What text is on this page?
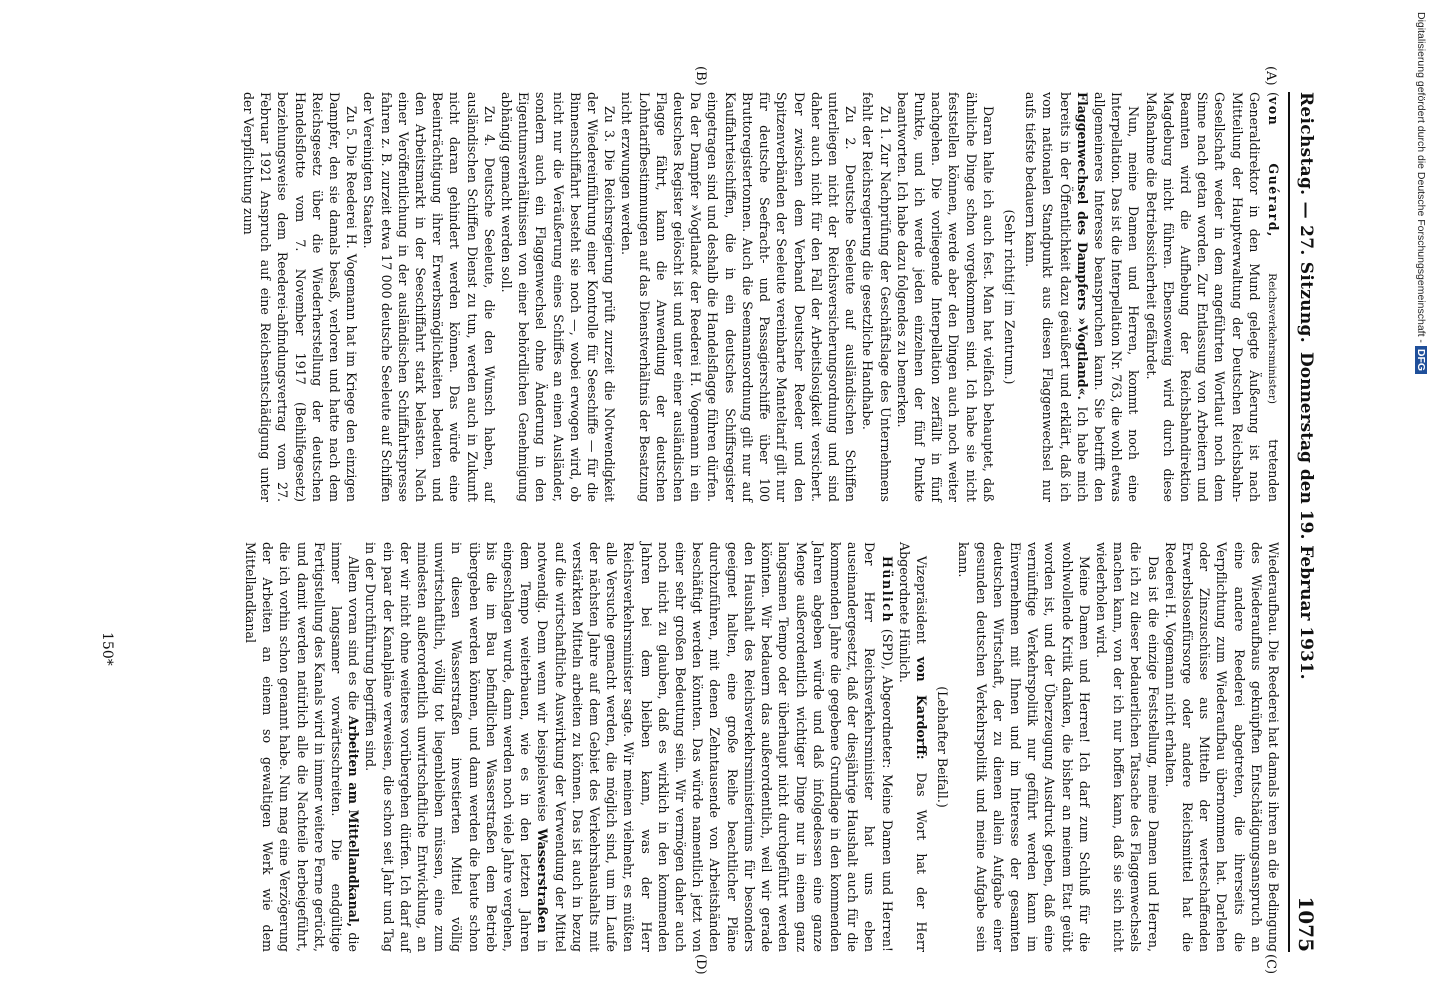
Reichstag. — 27. Sitzung.
Donnerstag den 19. Februar 1931.
1075
(A)
(B)
(C)
(D)

(von Guérard, Reichsverkehrsminister) tretenden Generaldirektor in den Mund gelegte Äußerung ist nach Mitteilung der Hauptverwaltung der Deutschen Reichsbahn-Gesellschaft weder in dem angeführten Wortlaut noch dem Sinne nach getan worden. Zur Entlassung von Arbeitern und Beamten wird die Aufhebung der Reichsbahndirektion Magdeburg nicht führen. Ebensowenig wird durch diese Maßnahme die Betriebssicherheit gefährdet.

Nun, meine Damen und Herren, kommt noch eine Interpellation. Das ist die Interpellation Nr. 763, die wohl etwas allgemeineres Interesse beanspruchen kann. Sie betrifft den Flaggenwechsel des Dampfers »Vogtland«. Ich habe mich bereits in der Öffentlichkeit dazu geäußert und erklärt, daß ich vom nationalen Standpunkt aus diesen Flaggenwechsel nur aufs tiefste bedauern kann.

(Sehr richtig! im Zentrum.)

Daran halte ich auch fest. Man hat vielfach behauptet, daß ähnliche Dinge schon vorgekommen sind. Ich habe sie nicht feststellen können, werde aber den Dingen auch noch weiter nachgehen. Die vorliegende Interpellation zerfällt in fünf Punkte, und ich werde jeden einzelnen der fünf Punkte beantworten. Ich habe dazu folgendes zu bemerken.

Zu 1. Zur Nachprüfung der Geschäftslage des Unternehmens fehlt der Reichsregierung die gesetzliche Handhabe.

Zu 2. Deutsche Seeleute auf ausländischen Schiffen unterliegen nicht der Reichsversicherungsordnung und sind daher auch nicht für den Fall der Arbeitslosigkeit versichert. Der zwischen dem Verband Deutscher Reeder und den Spitzenverbänden der Seeleute vereinbarte Manteltarif gilt nur für deutsche Seefracht- und Passagierschiffe über 100 Bruttoregistertonnen. Auch die Seemannsordnung gilt nur auf Kauffahrteischiffen, die in ein deutsches Schiffsregister eingetragen sind und deshalb die Handelsflagge führen dürfen. Da der Dampfer »Vogtland« der Reederei H. Vogemann in ein deutsches Register gelöscht ist und unter einer ausländischen Flagge fährt, kann die Anwendung der deutschen Lohntarifbestimmungen auf das Dienstverhältnis der Besatzung nicht erzwungen werden.

Zu 3. Die Reichsregierung prüft zurzeit die Notwendigkeit der Wiedereinführung einer Kontrolle für Seeschiffe — für die Binnenschiffahrt besteht sie noch —, wobei erwogen wird, ob nicht nur die Veräußerung eines Schiffes an einen Ausländer, sondern auch ein Flaggenwechsel ohne Änderung in den Eigentumsverhältnissen von einer behördlichen Genehmigung abhängig gemacht werden soll.

Zu 4. Deutsche Seeleute, die den Wunsch haben, auf ausländischen Schiffen Dienst zu tun, werden auch in Zukunft nicht daran gehindert werden können. Das würde eine Beeinträchtigung ihrer Erwerbsmöglichkeiten bedeuten und den Arbeitsmarkt in der Seeschiffahrt stark belasten. Nach einer Veröffentlichung in der ausländischen Schiffahrtspresse fahren z. B. zurzeit etwa 17 000 deutsche Seeleute auf Schiffen der Vereinigten Staaten.

Zu 5. Die Reederei H. Vogemann hat im Kriege den einzigen Dampfer, den sie damals besaß, verloren und hatte nach dem Reichsgesetz über die Wiederherstellung der deutschen Handelsflotte vom 7. November 1917 (Beihilfegesetz) beziehungsweise dem Reederei-abfindungsvertrag vom 27. Februar 1921 Anspruch auf eine Reichsentschädigung unter der Verpflichtung zum

Wiederaufbau. Die Reederei hat damals ihren an die Bedingung des Wiederaufbaus geknüpften Entschädigungsanspruch an eine andere Reederei abgetreten, die ihrerseits die Verpflichtung zum Wiederaufbau übernommen hat. Darlehen oder Zinszuschüsse aus Mitteln der werteschaffenden Erwerbslosenfürsorge oder andere Reichsmittel hat die Reederei H. Vogemann nicht erhalten.

Das ist die einzige Feststellung, meine Damen und Herren, die ich zu dieser bedauerlichen Tatsache des Flaggenwechsels machen kann, von der ich nur hoffen kann, daß sie sich nicht wiederholen wird.

Meine Damen und Herren! Ich darf zum Schluß für die wohlwollende Kritik danken, die bisher an meinem Etat geübt worden ist, und der Überzeugung Ausdruck geben, daß eine vernünftige Verkehrspolitik nur geführt werden kann im Einvernehmen mit Ihnen und im Interesse der gesamten deutschen Wirtschaft, der zu dienen allein Aufgabe einer gesunden deutschen Verkehrspolitik und meine Aufgabe sein kann.

(Lebhafter Beifall.)

Vizepräsident von Kardorff: Das Wort hat der Herr Abgeordnete Hünlich.

Hünlich (SPD), Abgeordneter: Meine Damen und Herren! Der Herr Reichsverkehrsminister hat uns eben auseinandergesetzt, daß der diesjährige Haushalt auch für die kommenden Jahre die gegebene Grundlage in den kommenden Jahren abgeben würde und daß infolgedessen eine ganze Menge außerordentlich wichtiger Dinge nur in einem ganz langsamen Tempo oder überhaupt nicht durchgeführt werden könnten. Wir bedauern das außerordentlich, weil wir gerade den Haushalt des Reichsverkehrsministeriums für besonders geeignet halten, eine große Reihe beachtlicher Pläne durchzuführen, mit denen Zehntausende von Arbeitshänden beschäftigt werden könnten. Das würde namentlich jetzt von einer sehr großen Bedeutung sein. Wir vermögen daher auch noch nicht zu glauben, daß es wirklich in den kommenden Jahren bei dem bleiben kann, was der Herr Reichsverkehrsminister sagte. Wir meinen vielmehr, es müßten alle Versuche gemacht werden, die möglich sind, um im Laufe der nächsten Jahre auf dem Gebiet des Verkehrshaushalts mit verstärkten Mitteln arbeiten zu können. Das ist auch in bezug auf die wirtschaftliche Auswirkung der Verwendung der Mittel notwendig. Denn wenn wir beispielsweise Wasserstraßen in dem Tempo weiterbauen, wie es in den letzten Jahren eingeschlagen wurde, dann werden noch viele Jahre vergehen, bis die im Bau befindlichen Wasserstraßen dem Betrieb übergeben werden können, und dann werden die heute schon in diesen Wasserstraßen investierten Mittel völlig unwirtschaftlich, völlig tot liegenbleiben müssen, eine zum mindesten außerordentlich unwirtschaftliche Entwicklung, an der wir nicht ohne weiteres vorübergehen dürfen. Ich darf auf ein paar der Kanalpläne verweisen, die schon seit Jahr und Tag in der Durchführung begriffen sind.

Allem voran sind es die Arbeiten am Mittellandkanal, die immer langsamer vorwärtsschreiten. Die endgültige Fertigstellung des Kanals wird in immer weitere Ferne gerückt, und damit werden natürlich alle die Nachteile herbeigeführt, die ich vorhin schon genannt habe. Nun mag eine Verzögerung der Arbeiten an einem so gewaltigen Werk wie dem Mittellandkanal

150*
Digitalisierung gefördert durch die Deutsche Forschungsgemeinschaft -DFG
